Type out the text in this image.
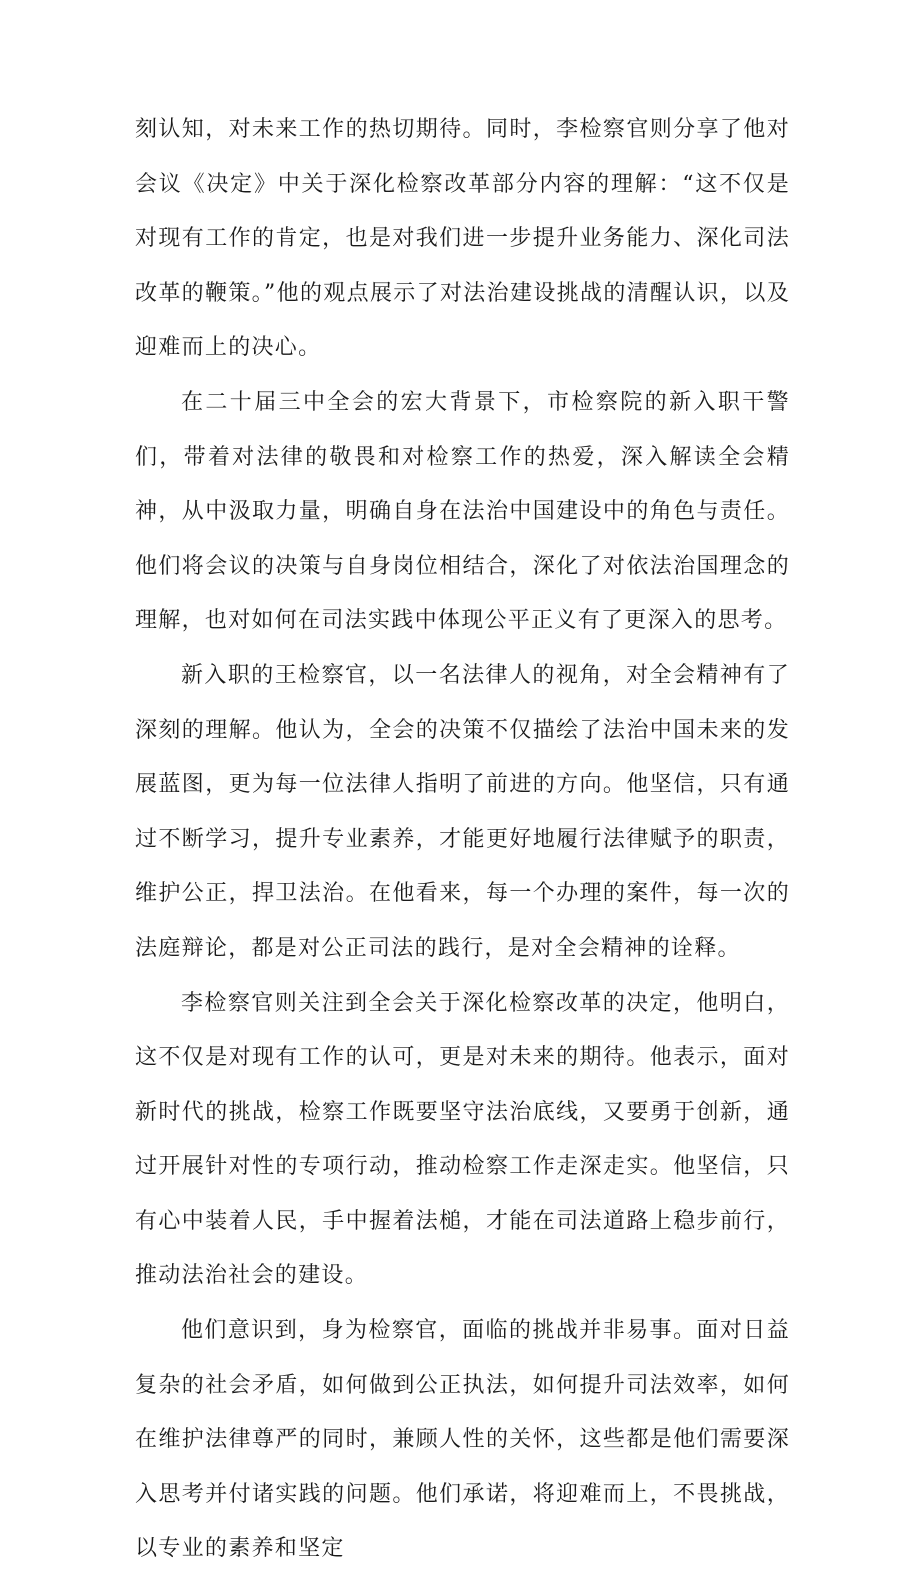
刻认知，对未来工作的热切期待。同时，李检察官则分享了他对会议《决定》中关于深化检察改革部分内容的理解：“这不仅是对现有工作的肯定，也是对我们进一步提升业务能力、深化司法改革的鞭策。”他的观点展示了对法治建设挑战的清醒认识，以及迎难而上的决心。

在二十届三中全会的宏大背景下，市检察院的新入职干警们，带着对法律的敬畏和对检察工作的热爱，深入解读全会精神，从中汲取力量，明确自身在法治中国建设中的角色与责任。他们将会议的决策与自身岗位相结合，深化了对依法治国理念的理解，也对如何在司法实践中体现公平正义有了更深入的思考。

新入职的王检察官，以一名法律人的视角，对全会精神有了深刻的理解。他认为，全会的决策不仅描绘了法治中国未来的发展蓝图，更为每一位法律人指明了前进的方向。他坚信，只有通过不断学习，提升专业素养，才能更好地履行法律赋予的职责，维护公正，捍卫法治。在他看来，每一个办理的案件，每一次的法庭辩论，都是对公正司法的践行，是对全会精神的诠释。

李检察官则关注到全会关于深化检察改革的决定，他明白，这不仅是对现有工作的认可，更是对未来的期待。他表示，面对新时代的挑战，检察工作既要坚守法治底线，又要勇于创新，通过开展针对性的专项行动，推动检察工作走深走实。他坚信，只有心中装着人民，手中握着法槌，才能在司法道路上稳步前行，推动法治社会的建设。

他们意识到，身为检察官，面临的挑战并非易事。面对日益复杂的社会矛盾，如何做到公正执法，如何提升司法效率，如何在维护法律尊严的同时，兼顾人性的关怀，这些都是他们需要深入思考并付诸实践的问题。他们承诺，将迎难而上，不畏挑战，以专业的素养和坚定
